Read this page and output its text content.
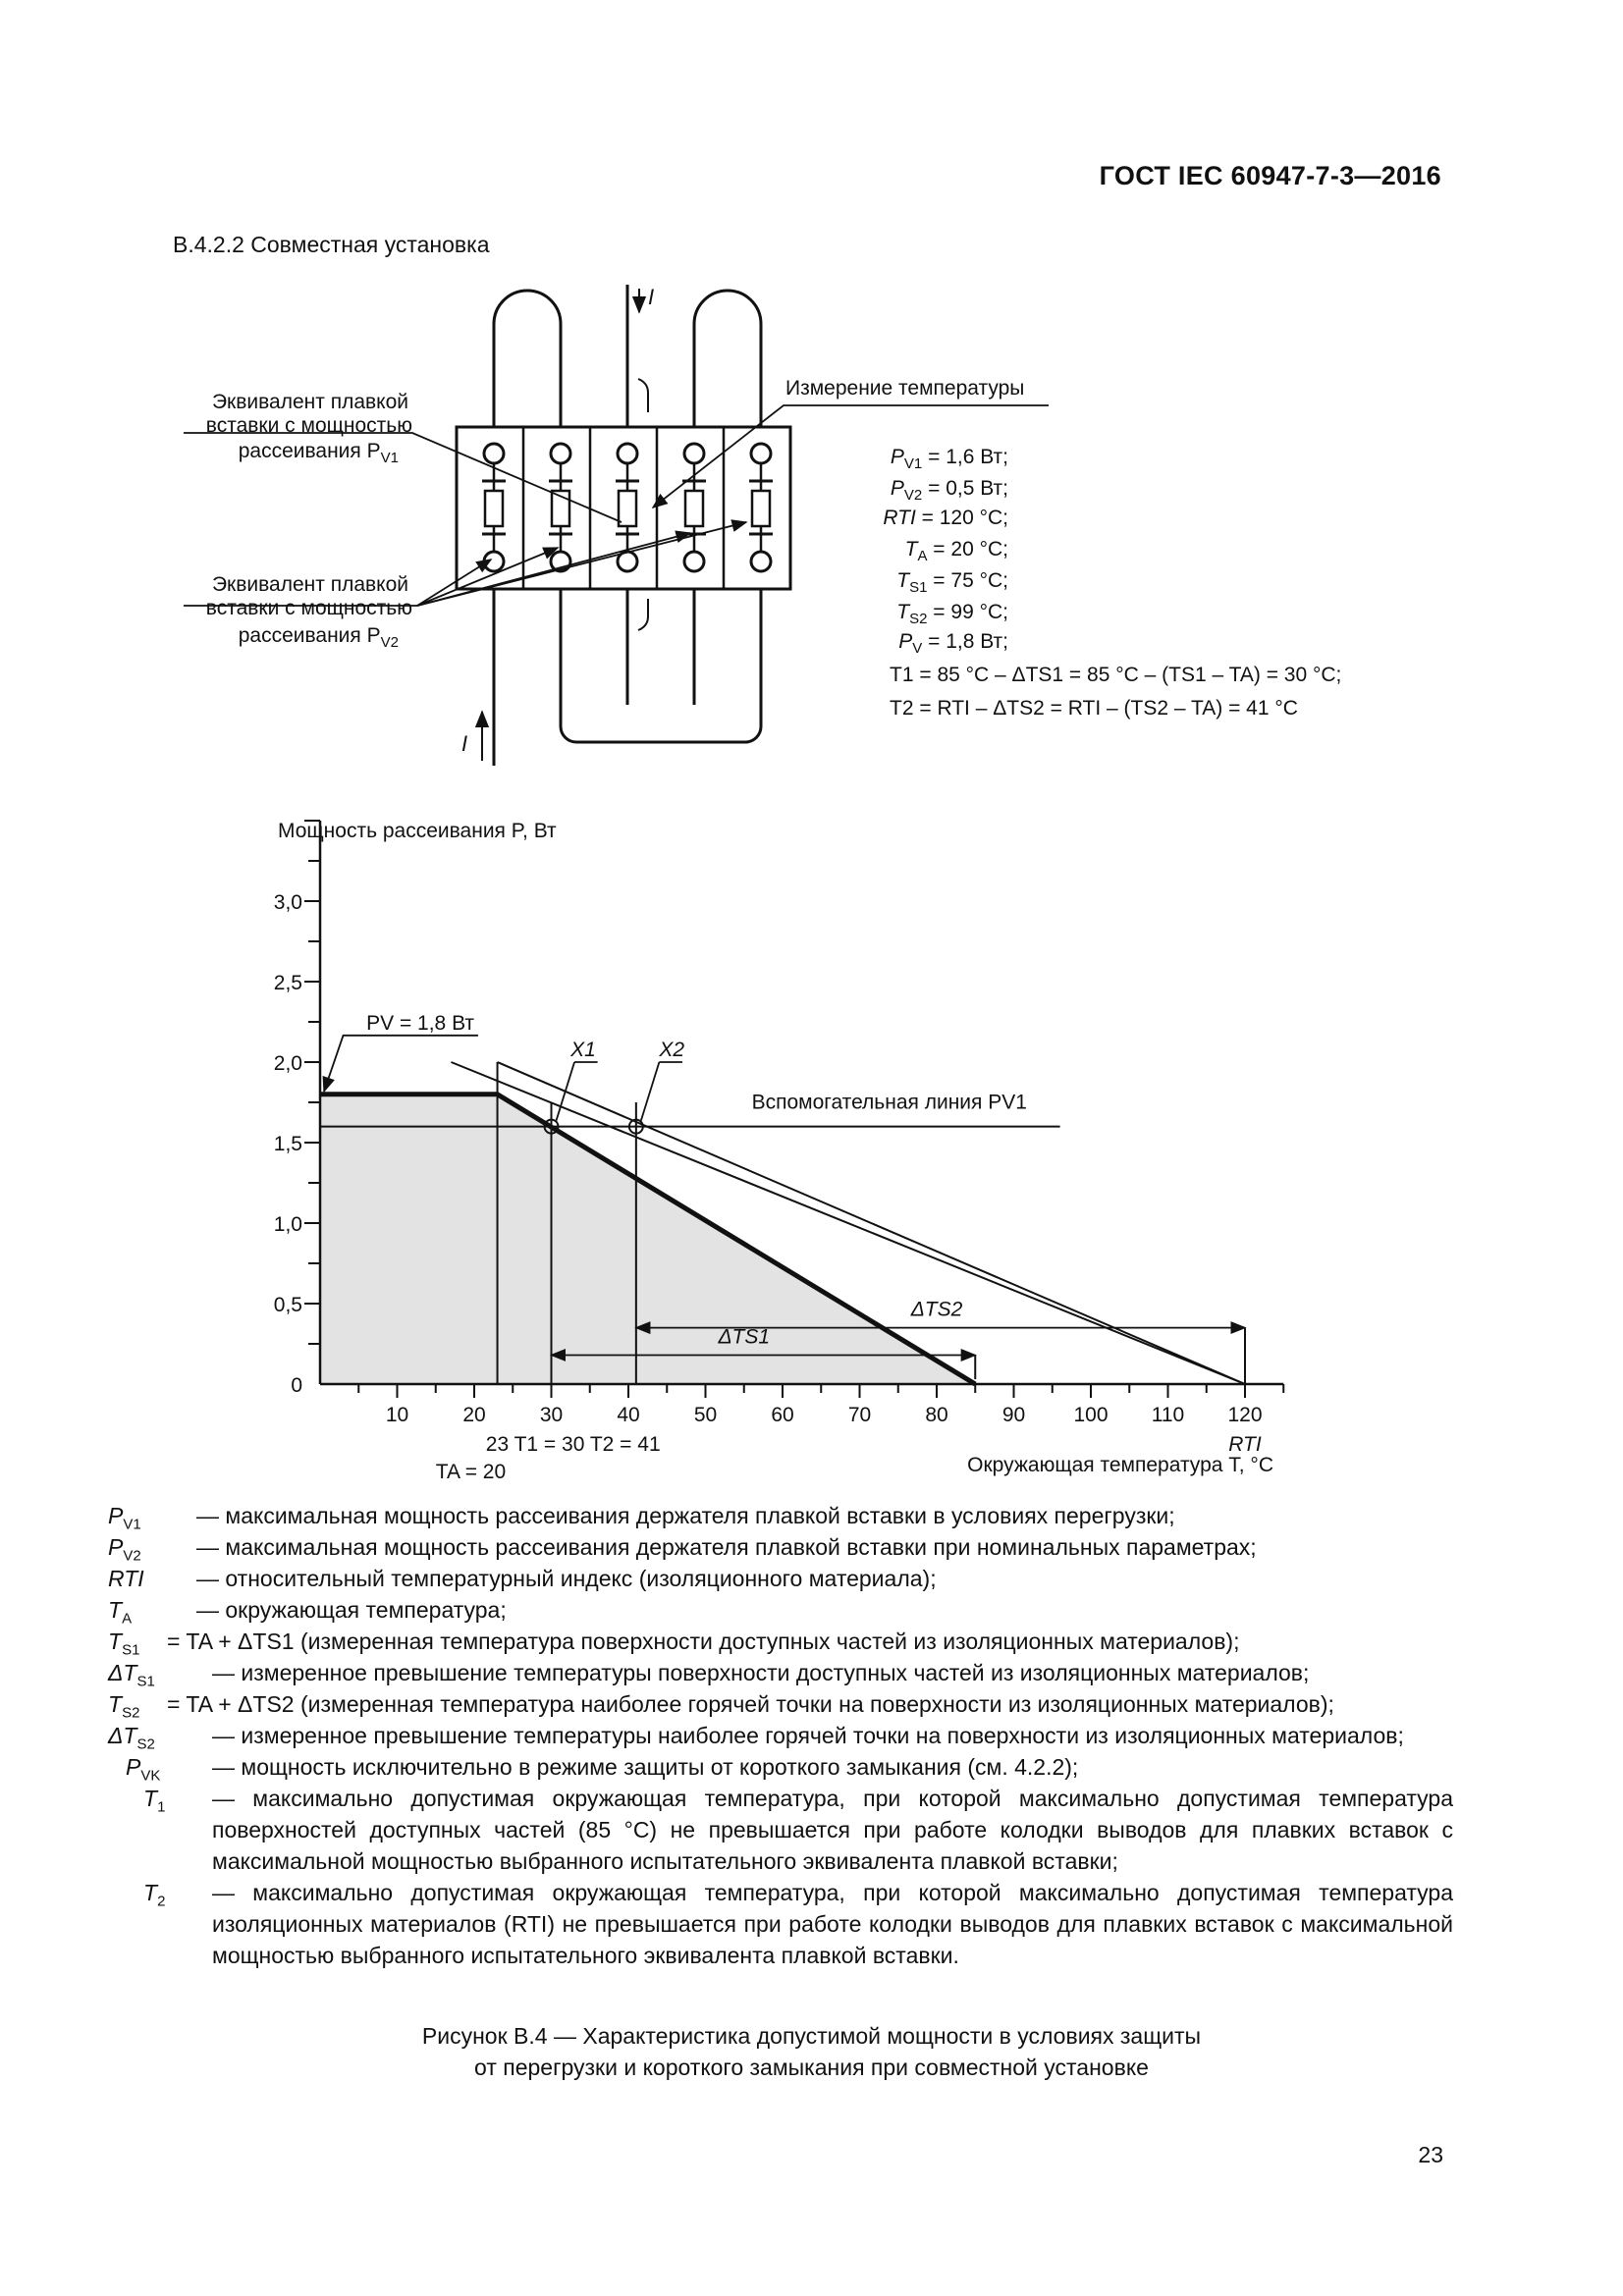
ГОСТ IEC 60947-7-3—2016
B.4.2.2 Совместная установка
I
I
Эквивалент плавкой
вставки с мощностью
рассеивания $P_{V1}$
Эквивалент плавкой
вставки с мощностью
рассеивания $P_{V2}$
Измерение температуры
$P_{V1} = 1,6$ Вт;
$P_{V2} = 0,5$ Вт;
RTI = 120 °C;
$T_A = 20$ °C;
$T_{S1} = 75$ °C;
$T_{S2} = 99$ °C;
$P_V = 1,8$ Вт;
T1 = 85 °C – ΔTS1 = 85 °C – (TS1 – TA) = 30 °C;
T2 = RTI – ΔTS2 = RTI – (TS2 – TA) = 41 °C
Мощность рассеивания P, Вт
0
0,5
1,0
1,5
2,0
2,5
3,0
10	20	30	40	50	60	70	80	90 100 110 120
RTI
X1	X2
PV = 1,8 Вт
Вспомогательная линия PV1
ΔTS1
ΔTS2
23 T1 = 30 T2 = 41
TA = 20	Окружающая температура T, °C
$P_{V1}$	— максимальная мощность рассеивания держателя плавкой вставки в условиях перегрузки;
$P_{V2}$	— максимальная мощность рассеивания держателя плавкой вставки при номинальных параметрах;
RTI	— относительный температурный индекс (изоляционного материала);
$T_A$	— окружающая температура;
$T_{S1}$	= TA + ΔTS1 (измеренная температура поверхности доступных частей из изоляционных материалов);
$\Delta T_{S1}$	— измеренное превышение температуры поверхности доступных частей из изоляционных материалов;
$T_{S2}$	= TA + ΔTS2 (измеренная температура наиболее горячей точки на поверхности из изоляционных материалов);
$\Delta T_{S2}$	— измеренное превышение температуры наиболее горячей точки на поверхности из изоляционных материалов;
$P_{VK}$	— мощность исключительно в режиме защиты от короткого замыкания (см. 4.2.2);
$T_1$	— максимально допустимая окружающая температура, при которой максимально допустимая температура поверхностей доступных частей (85 °С) не превышается при работе колодки выводов для плавких вставок с максимальной мощностью выбранного испытательного эквивалента плавкой вставки;
$T_2$	— максимально допустимая окружающая температура, при которой максимально допустимая температура изоляционных материалов (RTI) не превышается при работе колодки выводов для плавких вставок с максимальной мощностью выбранного испытательного эквивалента плавкой вставки.
Рисунок B.4 — Характеристика допустимой мощности в условиях защиты
от перегрузки и короткого замыкания при совместной установке
23
